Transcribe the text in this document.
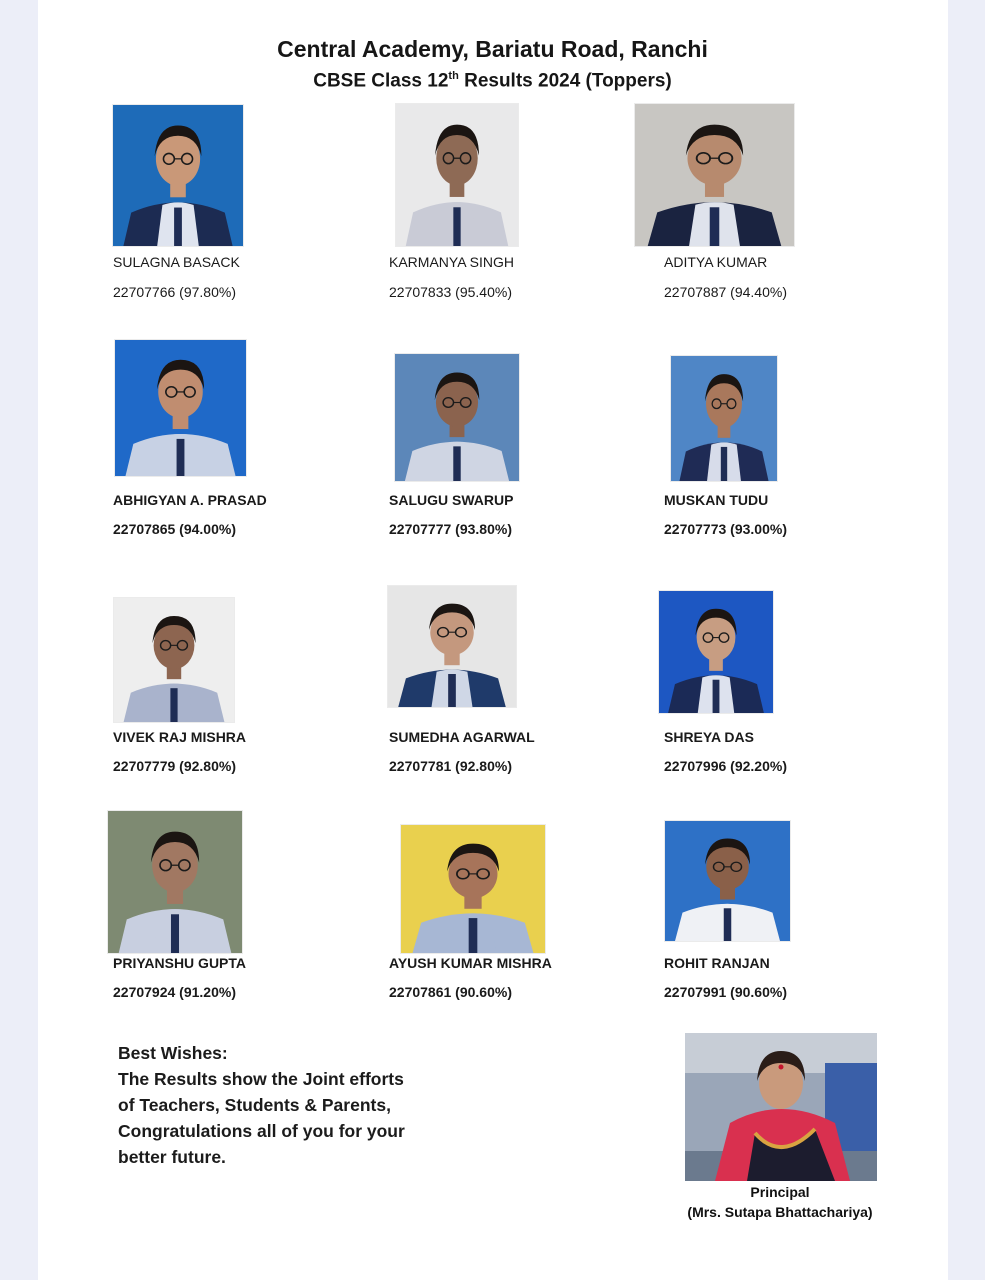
Central Academy, Bariatu Road, Ranchi
CBSE Class 12th Results 2024 (Toppers)
SULAGNA BASACK
22707766 (97.80%)
KARMANYA SINGH
22707833 (95.40%)
ADITYA KUMAR
22707887 (94.40%)
ABHIGYAN A. PRASAD
22707865 (94.00%)
SALUGU SWARUP
22707777 (93.80%)
MUSKAN TUDU
22707773 (93.00%)
VIVEK RAJ MISHRA
22707779 (92.80%)
SUMEDHA AGARWAL
22707781 (92.80%)
SHREYA DAS
22707996 (92.20%)
PRIYANSHU GUPTA
22707924 (91.20%)
AYUSH KUMAR MISHRA
22707861 (90.60%)
ROHIT RANJAN
22707991 (90.60%)
Best Wishes:
The Results show the Joint efforts
of Teachers, Students & Parents,
Congratulations all of you for your
better future.
Principal
(Mrs. Sutapa Bhattachariya)
